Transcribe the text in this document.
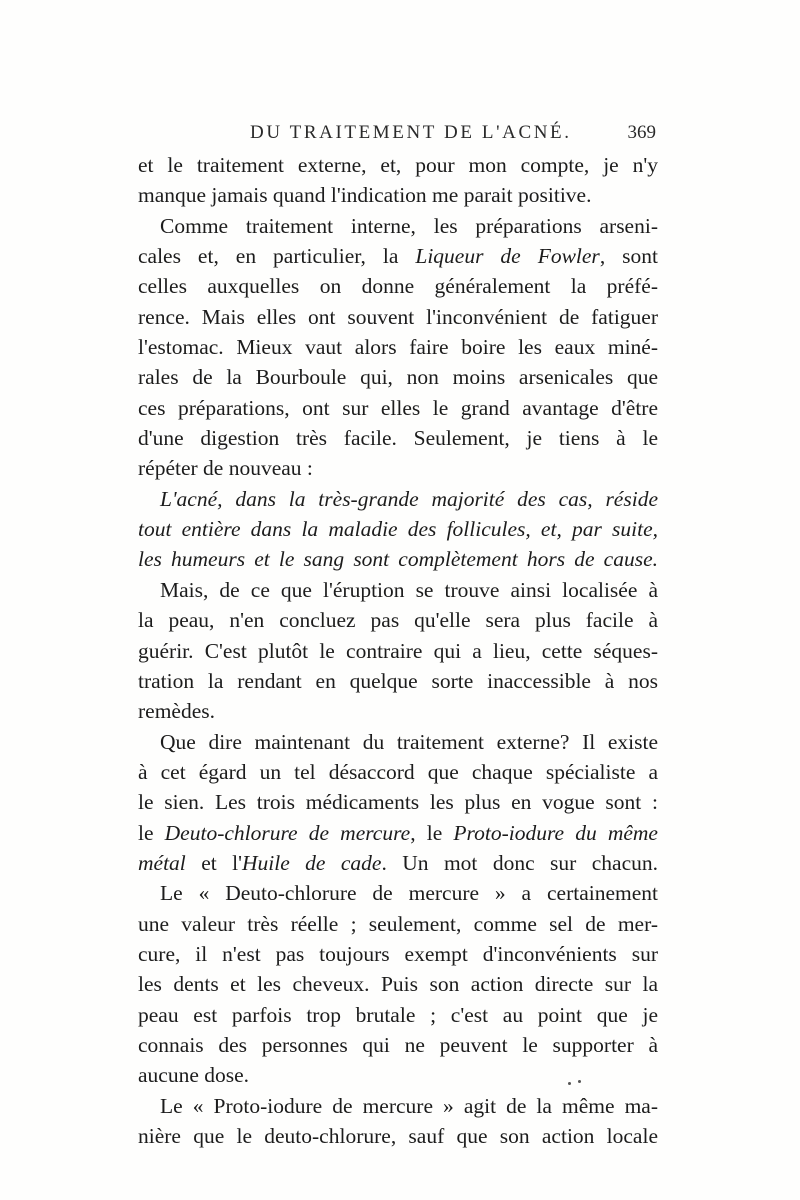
DU TRAITEMENT DE L'ACNÉ.	369
et le traitement externe, et, pour mon compte, je n'y
manque jamais quand l'indication me parait positive.
Comme traitement interne, les préparations arseni-
cales et, en particulier, la Liqueur de Fowler, sont
celles auxquelles on donne généralement la préfé-
rence. Mais elles ont souvent l'inconvénient de fatiguer
l'estomac. Mieux vaut alors faire boire les eaux miné-
rales de la Bourboule qui, non moins arsenicales que
ces préparations, ont sur elles le grand avantage d'être
d'une digestion très facile. Seulement, je tiens à le
répéter de nouveau :
L'acné, dans la très-grande majorité des cas, réside
tout entière dans la maladie des follicules, et, par suite,
les humeurs et le sang sont complètement hors de cause.
Mais, de ce que l'éruption se trouve ainsi localisée à
la peau, n'en concluez pas qu'elle sera plus facile à
guérir. C'est plutôt le contraire qui a lieu, cette séques-
tration la rendant en quelque sorte inaccessible à nos
remèdes.
Que dire maintenant du traitement externe? Il existe
à cet égard un tel désaccord que chaque spécialiste a
le sien. Les trois médicaments les plus en vogue sont :
le Deuto-chlorure de mercure, le Proto-iodure du même
métal et l'Huile de cade. Un mot donc sur chacun.
Le « Deuto-chlorure de mercure » a certainement
une valeur très réelle ; seulement, comme sel de mer-
cure, il n'est pas toujours exempt d'inconvénients sur
les dents et les cheveux. Puis son action directe sur la
peau est parfois trop brutale ; c'est au point que je
connais des personnes qui ne peuvent le supporter à
aucune dose.
Le « Proto-iodure de mercure » agit de la même ma-
nière que le deuto-chlorure, sauf que son action locale
